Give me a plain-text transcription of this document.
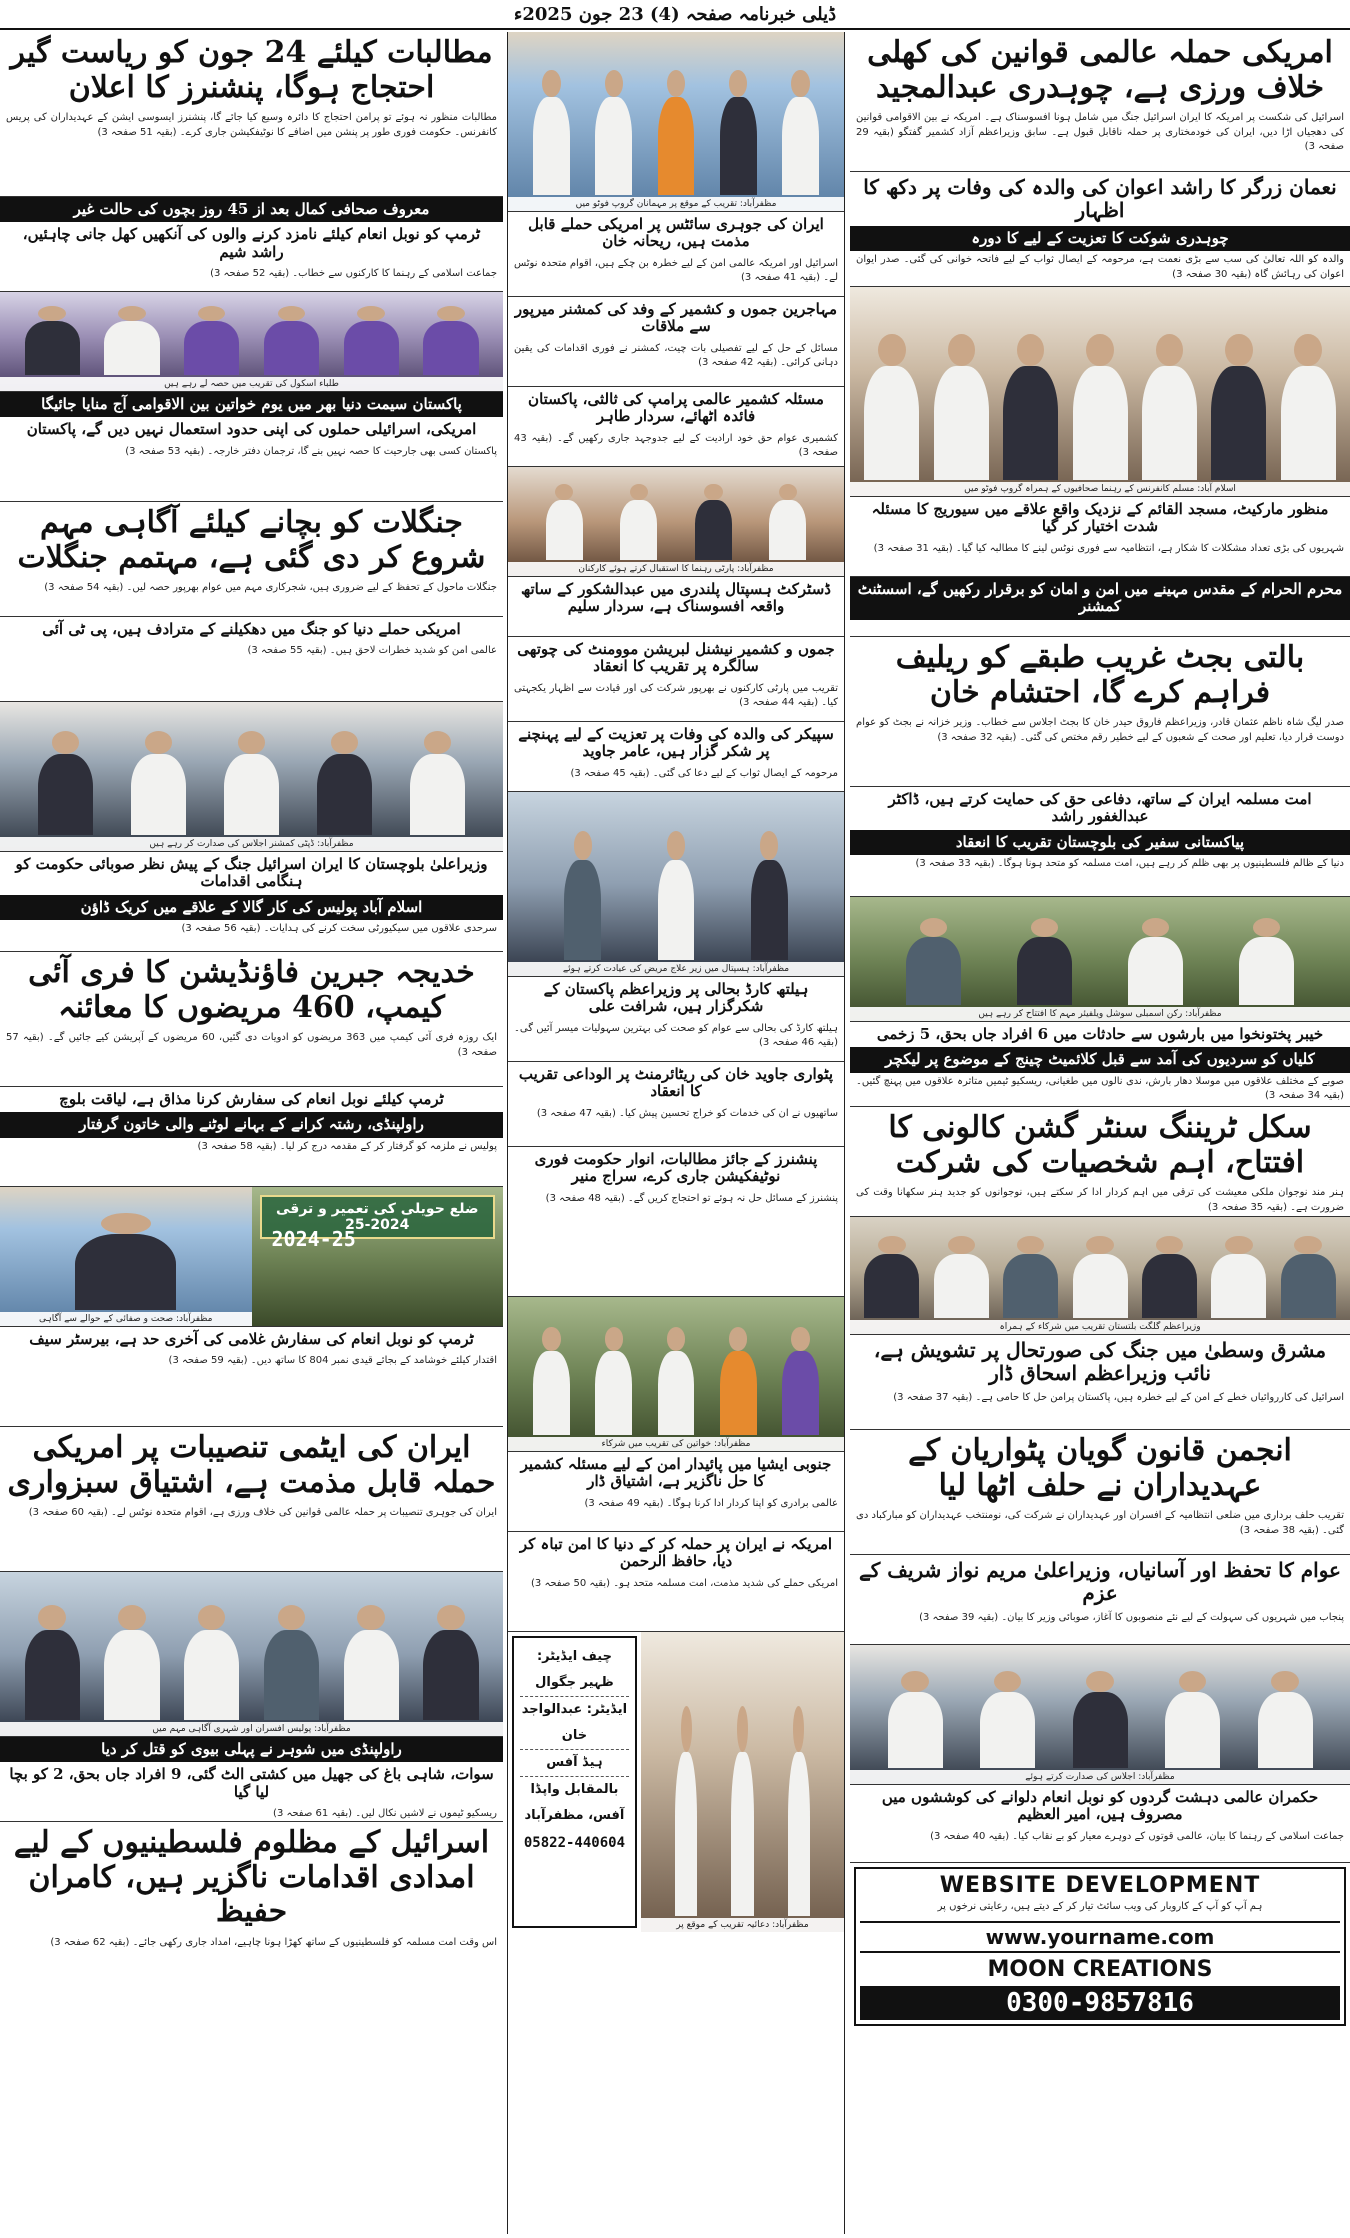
ڈیلی خبرنامہ صفحہ (4) 23 جون 2025ء
امریکی حملہ عالمی قوانین کی کھلی خلاف ورزی ہے، چوہدری عبدالمجید
اسرائیل کی شکست پر امریکہ کا ایران اسرائیل جنگ میں شامل ہونا افسوسناک ہے۔ امریکہ نے بین الاقوامی قوانین کی دھجیاں اڑا دیں، ایران کی خودمختاری پر حملہ ناقابل قبول ہے۔ سابق وزیراعظم آزاد کشمیر گفتگو (بقیہ 29 صفحہ 3)
نعمان زرگر کا راشد اعوان کی والدہ کی وفات پر دکھ کا اظہار
چوہدری شوکت کا تعزیت کے لیے کا دورہ
والدہ کو اللہ تعالیٰ کی سب سے بڑی نعمت ہے، مرحومہ کے ایصال ثواب کے لیے فاتحہ خوانی کی گئی۔ صدر ایوان اعوان کی رہائش گاہ (بقیہ 30 صفحہ 3)
اسلام آباد: مسلم کانفرنس کے رہنما صحافیوں کے ہمراہ گروپ فوٹو میں
منظور مارکیٹ، مسجد القائم کے نزدیک واقع علاقے میں سیوریج کا مسئلہ شدت اختیار کر گیا
شہریوں کی بڑی تعداد مشکلات کا شکار ہے، انتظامیہ سے فوری نوٹس لینے کا مطالبہ کیا گیا۔ (بقیہ 31 صفحہ 3)
محرم الحرام کے مقدس مہینے میں امن و امان کو برقرار رکھیں گے، اسسٹنٹ کمشنر
بالتی بجٹ غریب طبقے کو ریلیف فراہم کرے گا، احتشام خان
صدر لیگ شاہ ناظم عثمان قادر، وزیراعظم فاروق حیدر خان کا بجٹ اجلاس سے خطاب۔ وزیر خزانہ نے بجٹ کو عوام دوست قرار دیا، تعلیم اور صحت کے شعبوں کے لیے خطیر رقم مختص کی گئی۔ (بقیہ 32 صفحہ 3)
امت مسلمہ ایران کے ساتھ، دفاعی حق کی حمایت کرتے ہیں، ڈاکٹر عبدالغفور راشد
پیاکستانی سفیر کی بلوچستان تقریب کا انعقاد
دنیا کے ظالم فلسطینیوں پر بھی ظلم کر رہے ہیں، امت مسلمہ کو متحد ہونا ہوگا۔ (بقیہ 33 صفحہ 3)
مظفرآباد: رکن اسمبلی سوشل ویلفیئر مہم کا افتتاح کر رہے ہیں
خیبر پختونخوا میں بارشوں سے حادثات میں 6 افراد جاں بحق، 5 زخمی
کلیاں کو سردیوں کی آمد سے قبل کلائمیٹ چینج کے موضوع پر لیکچر
صوبے کے مختلف علاقوں میں موسلا دھار بارش، ندی نالوں میں طغیانی، ریسکیو ٹیمیں متاثرہ علاقوں میں پہنچ گئیں۔ (بقیہ 34 صفحہ 3)
سکل ٹریننگ سنٹر گشن کالونی کا افتتاح، اہم شخصیات کی شرکت
ہنر مند نوجوان ملکی معیشت کی ترقی میں اہم کردار ادا کر سکتے ہیں، نوجوانوں کو جدید ہنر سکھانا وقت کی ضرورت ہے۔ (بقیہ 35 صفحہ 3)
وزیراعظم گلگت بلتستان تقریب میں شرکاء کے ہمراہ
مشرق وسطیٰ میں جنگ کی صورتحال پر تشویش ہے، نائب وزیراعظم اسحاق ڈار
اسرائیل کی کارروائیاں خطے کے امن کے لیے خطرہ ہیں، پاکستان پرامن حل کا حامی ہے۔ (بقیہ 37 صفحہ 3)
انجمن قانون گویان پٹواریان کے عہدیداران نے حلف اٹھا لیا
تقریب حلف برداری میں ضلعی انتظامیہ کے افسران اور عہدیداران نے شرکت کی، نومنتخب عہدیداران کو مبارکباد دی گئی۔ (بقیہ 38 صفحہ 3)
عوام کا تحفظ اور آسانیاں، وزیراعلیٰ مریم نواز شریف کے عزم
پنجاب میں شہریوں کی سہولت کے لیے نئے منصوبوں کا آغاز، صوبائی وزیر کا بیان۔ (بقیہ 39 صفحہ 3)
مظفرآباد: اجلاس کی صدارت کرتے ہوئے
حکمران عالمی دہشت گردوں کو نوبل انعام دلوانے کی کوششوں میں مصروف ہیں، امیر العظیم
جماعت اسلامی کے رہنما کا بیان، عالمی قوتوں کے دوہرے معیار کو بے نقاب کیا۔ (بقیہ 40 صفحہ 3)
WEBSITE DEVELOPMENT
ہم آپ کو آپ کے کاروبار کی ویب سائٹ تیار کر کے دیتے ہیں، رعایتی نرخوں پر
www.yourname.com
MOON CREATIONS
0300-9857816
مظفرآباد: تقریب کے موقع پر مہمانان گروپ فوٹو میں
ایران کی جوہری سائٹس پر امریکی حملے قابل مذمت ہیں، ریحانہ خان
اسرائیل اور امریکہ عالمی امن کے لیے خطرہ بن چکے ہیں، اقوام متحدہ نوٹس لے۔ (بقیہ 41 صفحہ 3)
مہاجرین جموں و کشمیر کے وفد کی کمشنر میرپور سے ملاقات
مسائل کے حل کے لیے تفصیلی بات چیت، کمشنر نے فوری اقدامات کی یقین دہانی کرائی۔ (بقیہ 42 صفحہ 3)
مسئلہ کشمیر عالمی پرامپ کی ثالثی، پاکستان فائدہ اٹھائے، سردار طاہر
کشمیری عوام حق خود ارادیت کے لیے جدوجہد جاری رکھیں گے۔ (بقیہ 43 صفحہ 3)
مظفرآباد: پارٹی رہنما کا استقبال کرتے ہوئے کارکنان
ڈسٹرکٹ ہسپتال پلندری میں عبدالشکور کے ساتھ واقعہ افسوسناک ہے، سردار سلیم
جموں و کشمیر نیشنل لبریشن موومنٹ کی چوتھی سالگرہ پر تقریب کا انعقاد
تقریب میں پارٹی کارکنوں نے بھرپور شرکت کی اور قیادت سے اظہار یکجہتی کیا۔ (بقیہ 44 صفحہ 3)
سپیکر کی والدہ کی وفات پر تعزیت کے لیے پہنچنے پر شکر گزار ہیں، عامر جاوید
مرحومہ کے ایصال ثواب کے لیے دعا کی گئی۔ (بقیہ 45 صفحہ 3)
مظفرآباد: ہسپتال میں زیر علاج مریض کی عیادت کرتے ہوئے
ہیلتھ کارڈ بحالی پر وزیراعظم پاکستان کے شکرگزار ہیں، شرافت علی
ہیلتھ کارڈ کی بحالی سے عوام کو صحت کی بہترین سہولیات میسر آئیں گی۔ (بقیہ 46 صفحہ 3)
پٹواری جاوید خان کی ریٹائرمنٹ پر الوداعی تقریب کا انعقاد
ساتھیوں نے ان کی خدمات کو خراج تحسین پیش کیا۔ (بقیہ 47 صفحہ 3)
پنشنرز کے جائز مطالبات، انوار حکومت فوری نوٹیفکیشن جاری کرے، سراج منیر
پنشنرز کے مسائل حل نہ ہوئے تو احتجاج کریں گے۔ (بقیہ 48 صفحہ 3)
مظفرآباد: خواتین کی تقریب میں شرکاء
جنوبی ایشیا میں پائیدار امن کے لیے مسئلہ کشمیر کا حل ناگزیر ہے، اشتیاق ڈار
عالمی برادری کو اپنا کردار ادا کرنا ہوگا۔ (بقیہ 49 صفحہ 3)
امریکہ نے ایران پر حملہ کر کے دنیا کا امن تباہ کر دیا، حافظ الرحمن
امریکی حملے کی شدید مذمت، امت مسلمہ متحد ہو۔ (بقیہ 50 صفحہ 3)
مظفرآباد: دعائیہ تقریب کے موقع پر
چیف ایڈیٹر: ظہیر جگوال
ایڈیٹر: عبدالواجد خان
ہیڈ آفس
بالمقابل واپڈا آفس، مظفرآباد
05822-440604
مطالبات کیلئے 24 جون کو ریاست گیر احتجاج ہوگا، پنشنرز کا اعلان
مطالبات منظور نہ ہوئے تو پرامن احتجاج کا دائرہ وسیع کیا جائے گا، پنشنرز ایسوسی ایشن کے عہدیداران کی پریس کانفرنس۔ حکومت فوری طور پر پنشن میں اضافے کا نوٹیفکیشن جاری کرے۔ (بقیہ 51 صفحہ 3)
معروف صحافی کمال بعد از 45 روز بچوں کی حالت غیر
ٹرمپ کو نوبل انعام کیلئے نامزد کرنے والوں کی آنکھیں کھل جانی چاہئیں، راشد شیم
جماعت اسلامی کے رہنما کا کارکنوں سے خطاب۔ (بقیہ 52 صفحہ 3)
طلباء اسکول کی تقریب میں حصہ لے رہے ہیں
پاکستان سیمت دنیا بھر میں یوم خواتین بین الاقوامی آج منایا جائیگا
امریکی، اسرائیلی حملوں کی اپنی حدود استعمال نہیں دیں گے، پاکستان
پاکستان کسی بھی جارحیت کا حصہ نہیں بنے گا، ترجمان دفتر خارجہ۔ (بقیہ 53 صفحہ 3)
جنگلات کو بچانے کیلئے آگاہی مہم شروع کر دی گئی ہے، مہتمم جنگلات
جنگلات ماحول کے تحفظ کے لیے ضروری ہیں، شجرکاری مہم میں عوام بھرپور حصہ لیں۔ (بقیہ 54 صفحہ 3)
امریکی حملے دنیا کو جنگ میں دھکیلنے کے مترادف ہیں، پی ٹی آئی
عالمی امن کو شدید خطرات لاحق ہیں۔ (بقیہ 55 صفحہ 3)
مظفرآباد: ڈپٹی کمشنر اجلاس کی صدارت کر رہے ہیں
وزیراعلیٰ بلوچستان کا ایران اسرائیل جنگ کے پیش نظر صوبائی حکومت کو ہنگامی اقدامات
اسلام آباد پولیس کی کار گالا کے علاقے میں کریک ڈاؤن
سرحدی علاقوں میں سیکیورٹی سخت کرنے کی ہدایات۔ (بقیہ 56 صفحہ 3)
خدیجہ جبرین فاؤنڈیشن کا فری آئی کیمپ، 460 مریضوں کا معائنہ
ایک روزہ فری آئی کیمپ میں 363 مریضوں کو ادویات دی گئیں، 60 مریضوں کے آپریشن کیے جائیں گے۔ (بقیہ 57 صفحہ 3)
ٹرمپ کیلئے نوبل انعام کی سفارش کرنا مذاق ہے، لیاقت بلوچ
راولپنڈی، رشتہ کرانے کے بہانے لوٹنے والی خاتون گرفتار
پولیس نے ملزمہ کو گرفتار کر کے مقدمہ درج کر لیا۔ (بقیہ 58 صفحہ 3)
ضلع حویلی کی تعمیر و ترقی 2024-25
2024-25
مظفرآباد: صحت و صفائی کے حوالے سے آگاہی
ٹرمپ کو نوبل انعام کی سفارش غلامی کی آخری حد ہے، بیرسٹر سیف
اقتدار کیلئے خوشامد کے بجائے قیدی نمبر 804 کا ساتھ دیں۔ (بقیہ 59 صفحہ 3)
ایران کی ایٹمی تنصیبات پر امریکی حملہ قابل مذمت ہے، اشتیاق سبزواری
ایران کی جوہری تنصیبات پر حملہ عالمی قوانین کی خلاف ورزی ہے، اقوام متحدہ نوٹس لے۔ (بقیہ 60 صفحہ 3)
مظفرآباد: پولیس افسران اور شہری آگاہی مہم میں
راولپنڈی میں شوہر نے پہلی بیوی کو قتل کر دیا
سوات، شاہی باغ کی جھیل میں کشتی الٹ گئی، 9 افراد جاں بحق، 2 کو بچا لیا گیا
ریسکیو ٹیموں نے لاشیں نکال لیں۔ (بقیہ 61 صفحہ 3)
اسرائیل کے مظلوم فلسطینیوں کے لیے امدادی اقدامات ناگزیر ہیں، کامران حفیظ
اس وقت امت مسلمہ کو فلسطینیوں کے ساتھ کھڑا ہونا چاہیے، امداد جاری رکھی جائے۔ (بقیہ 62 صفحہ 3)
